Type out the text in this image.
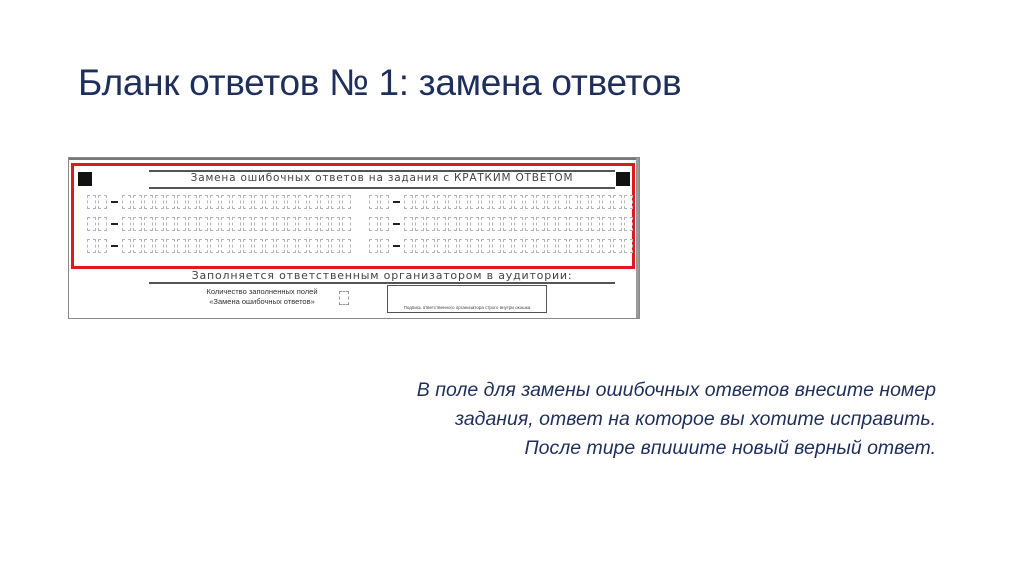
Бланк ответов № 1: замена ответов
Замена ошибочных ответов на задания с КРАТКИМ ОТВЕТОМ
Заполняется ответственным организатором в аудитории:
Количество заполненных полей
«Замена ошибочных ответов»
Подпись ответственного организатора строго внутри окошка
В поле для замены ошибочных ответов внесите номер
задания, ответ на которое вы хотите исправить.
После тире впишите новый верный ответ.
